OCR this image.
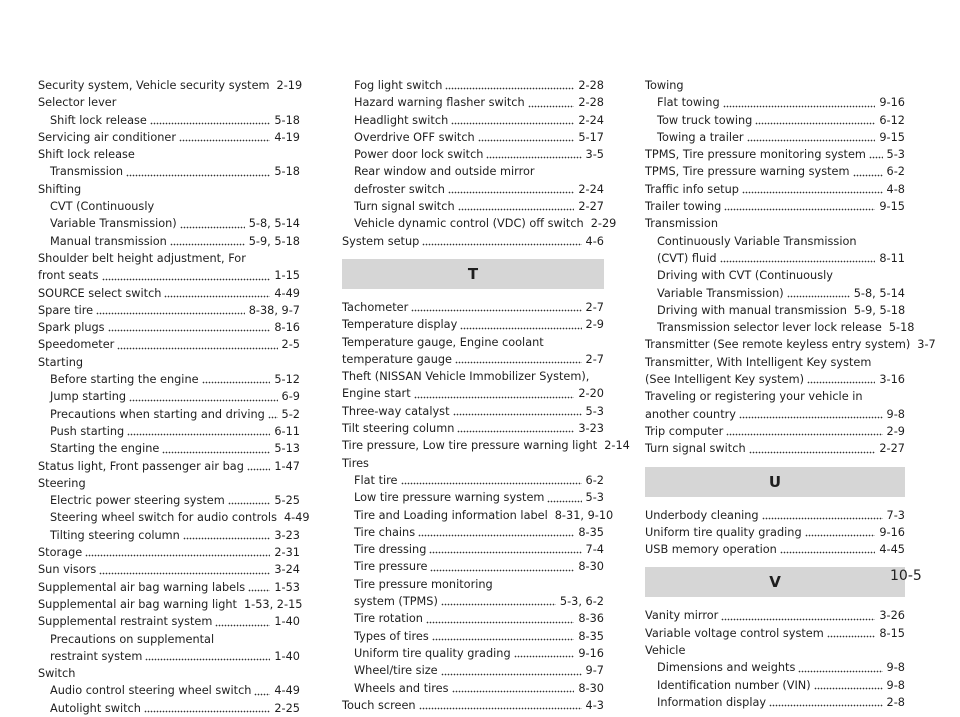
Security system, Vehicle security system 2-19
Selector lever
Shift lock release	5-18
Servicing air conditioner	4-19
Shift lock release
Transmission	5-18
Shifting
CVT (Continuously
Variable Transmission)	5-8, 5-14
Manual transmission	5-9, 5-18
Shoulder belt height adjustment, For
front seats	1-15
SOURCE select switch	4-49
Spare tire	8-38, 9-7
Spark plugs	8-16
Speedometer	2-5
Starting
Before starting the engine	5-12
Jump starting	6-9
Precautions when starting and driving 5-2
Push starting	6-11
Starting the engine	5-13
Status light, Front passenger air bag	1-47
Steering
Electric power steering system	5-25
Steering wheel switch for audio controls 4-49
Tilting steering column	3-23
Storage	2-31
Sun visors	3-24
Supplemental air bag warning labels	1-53
Supplemental air bag warning light 1-53, 2-15
Supplemental restraint system	1-40
Precautions on supplemental
restraint system	1-40
Switch
Audio control steering wheel switch 4-49
Autolight switch	2-25
Fog light switch	2-28
Hazard warning flasher switch	2-28
Headlight switch	2-24
Overdrive OFF switch	5-17
Power door lock switch	3-5
Rear window and outside mirror
defroster switch	2-24
Turn signal switch	2-27
Vehicle dynamic control (VDC) off switch 2-29
System setup	4-6
T
Tachometer	2-7
Temperature display	2-9
Temperature gauge, Engine coolant
temperature gauge	2-7
Theft (NISSAN Vehicle Immobilizer System),
Engine start	2-20
Three-way catalyst	5-3
Tilt steering column	3-23
Tire pressure, Low tire pressure warning light 2-14
Tires
Flat tire	6-2
Low tire pressure warning system	5-3
Tire and Loading information label 8-31, 9-10
Tire chains	8-35
Tire dressing	7-4
Tire pressure	8-30
Tire pressure monitoring
system (TPMS)	5-3, 6-2
Tire rotation	8-36
Types of tires	8-35
Uniform tire quality grading	9-16
Wheel/tire size	9-7
Wheels and tires	8-30
Touch screen	4-3
Towing
Flat towing	9-16
Tow truck towing	6-12
Towing a trailer	9-15
TPMS, Tire pressure monitoring system 5-3
TPMS, Tire pressure warning system	6-2
Traffic info setup	4-8
Trailer towing	9-15
Transmission
Continuously Variable Transmission
(CVT) fluid	8-11
Driving with CVT (Continuously
Variable Transmission)	5-8, 5-14
Driving with manual transmission 5-9, 5-18
Transmission selector lever lock release 5-18
Transmitter (See remote keyless entry system) 3-7
Transmitter, With Intelligent Key system
(See Intelligent Key system)	3-16
Traveling or registering your vehicle in
another country	9-8
Trip computer	2-9
Turn signal switch	2-27
U
Underbody cleaning	7-3
Uniform tire quality grading	9-16
USB memory operation	4-45
V
Vanity mirror	3-26
Variable voltage control system	8-15
Vehicle
Dimensions and weights	9-8
Identification number (VIN)	9-8
Information display	2-8
10-5
